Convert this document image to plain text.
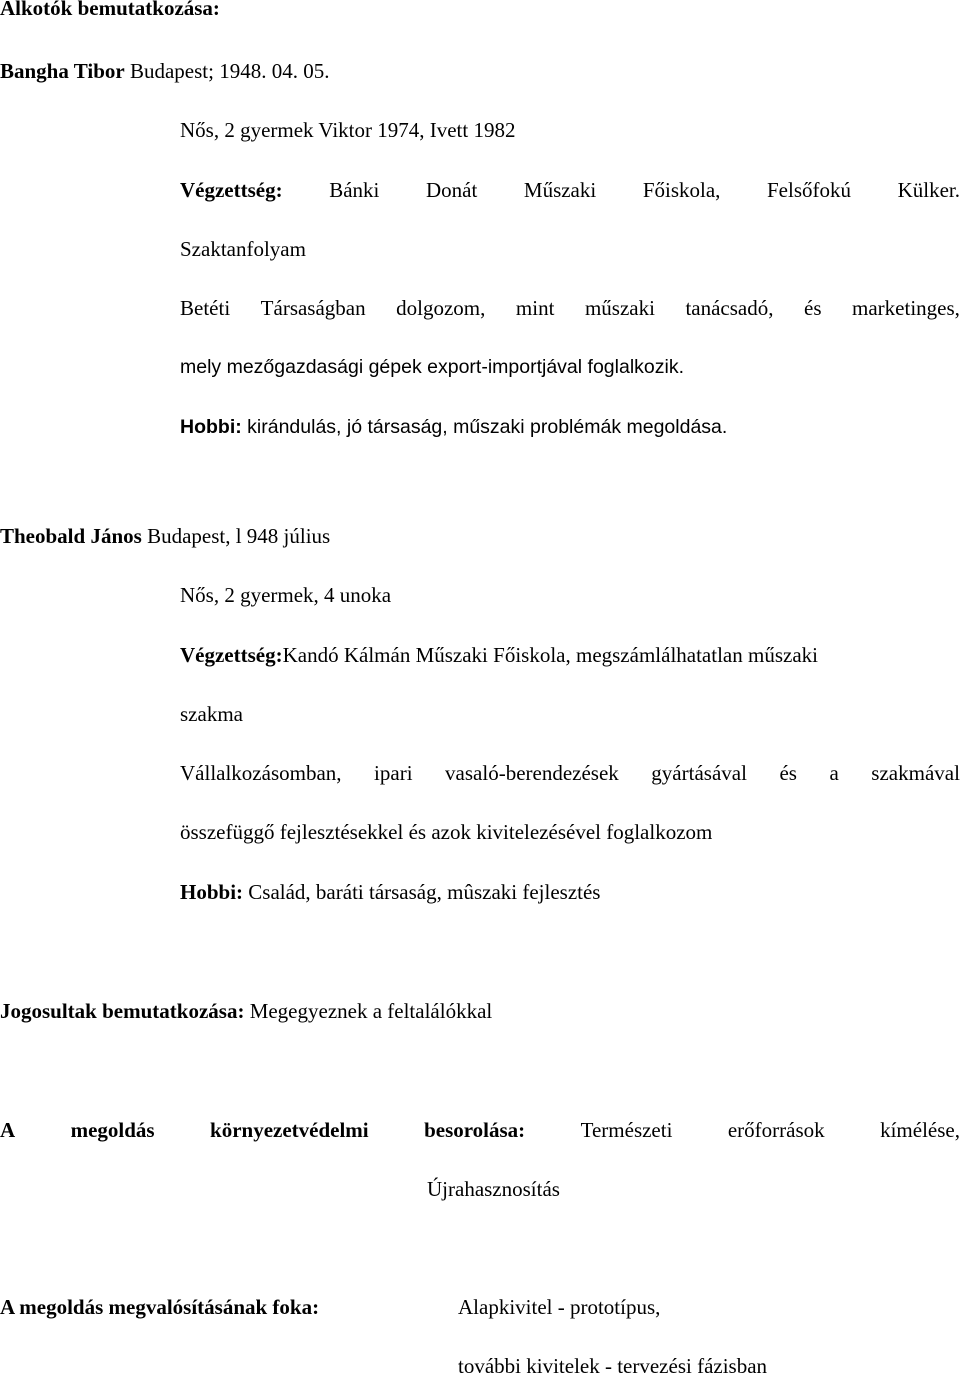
Alkotók bemutatkozása:
Bangha Tibor Budapest; 1948. 04. 05.
Nős, 2 gyermek Viktor 1974, Ivett 1982
Végzettség: Bánki Donát Műszaki Főiskola, Felsőfokú Külker.
Szaktanfolyam
Betéti Társaságban dolgozom, mint műszaki tanácsadó, és marketinges,
mely mezőgazdasági gépek export-importjával foglalkozik.
Hobbi: kirándulás, jó társaság, műszaki problémák megoldása.
Theobald János Budapest, l 948 július
Nős, 2 gyermek, 4 unoka
Végzettség:Kandó Kálmán Műszaki Főiskola, megszámlálhatatlan műszaki
szakma
Vállalkozásomban, ipari vasaló-berendezések gyártásával és a szakmával
összefüggő fejlesztésekkel és azok kivitelezésével foglalkozom
Hobbi: Család, baráti társaság, mûszaki fejlesztés
Jogosultak bemutatkozása: Megegyeznek a feltalálókkal
A	megoldás	környezetvédelmi	besorolása:	Természeti	erőforrások	kímélése,
Újrahasznosítás
A megoldás megvalósításának foka:	Alapkivitel - prototípus,
további kivitelek - tervezési fázisban
